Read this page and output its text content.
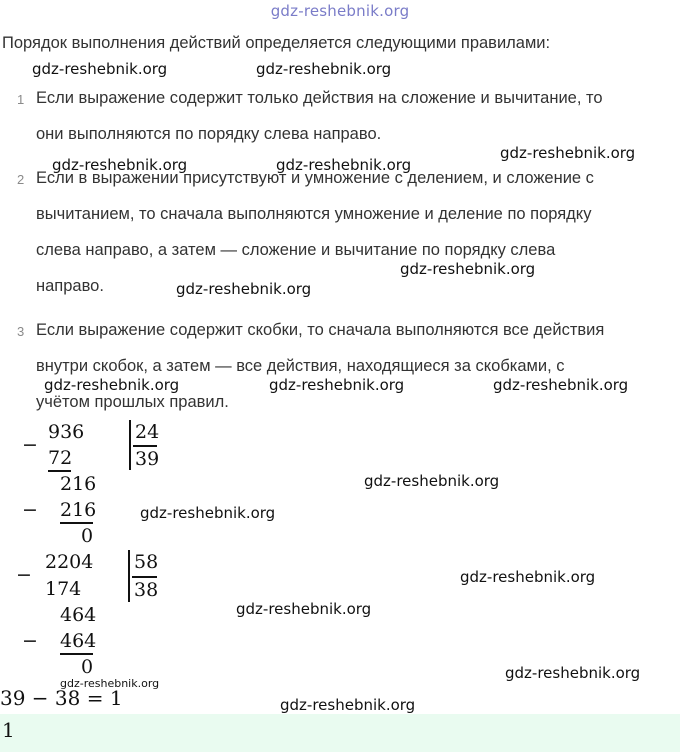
gdz-reshebnik.org
Порядок выполнения действий определяется следующими правилами:
1 Если выражение содержит только действия на сложение и вычитание, то
они выполняются по порядку слева направо.
2 Если в выражении присутствуют и умножение с делением, и сложение с
вычитанием, то сначала выполняются умножение и деление по порядку
слева направо, а затем — сложение и вычитание по порядку слева
направо.
3 Если выражение содержит скобки, то сначала выполняются все действия
внутри скобок, а затем — все действия, находящиеся за скобками, с
учётом прошлых правил.
−
936
72
24
39
216
− 216
0
−
2204
174
58
38
464
− 464
0
39 − 38 = 1
1
gdz-reshebnik.org	gdz-reshebnik.org
gdz-reshebnik.org
gdz-reshebnik.org	gdz-reshebnik.org
gdz-reshebnik.org
gdz-reshebnik.org
gdz-reshebnik.org	gdz-reshebnik.org	gdz-reshebnik.org
gdz-reshebnik.org
gdz-reshebnik.org
gdz-reshebnik.org
gdz-reshebnik.org
gdz-reshebnik.org
gdz-reshebnik.org
gdz-reshebnik.org
